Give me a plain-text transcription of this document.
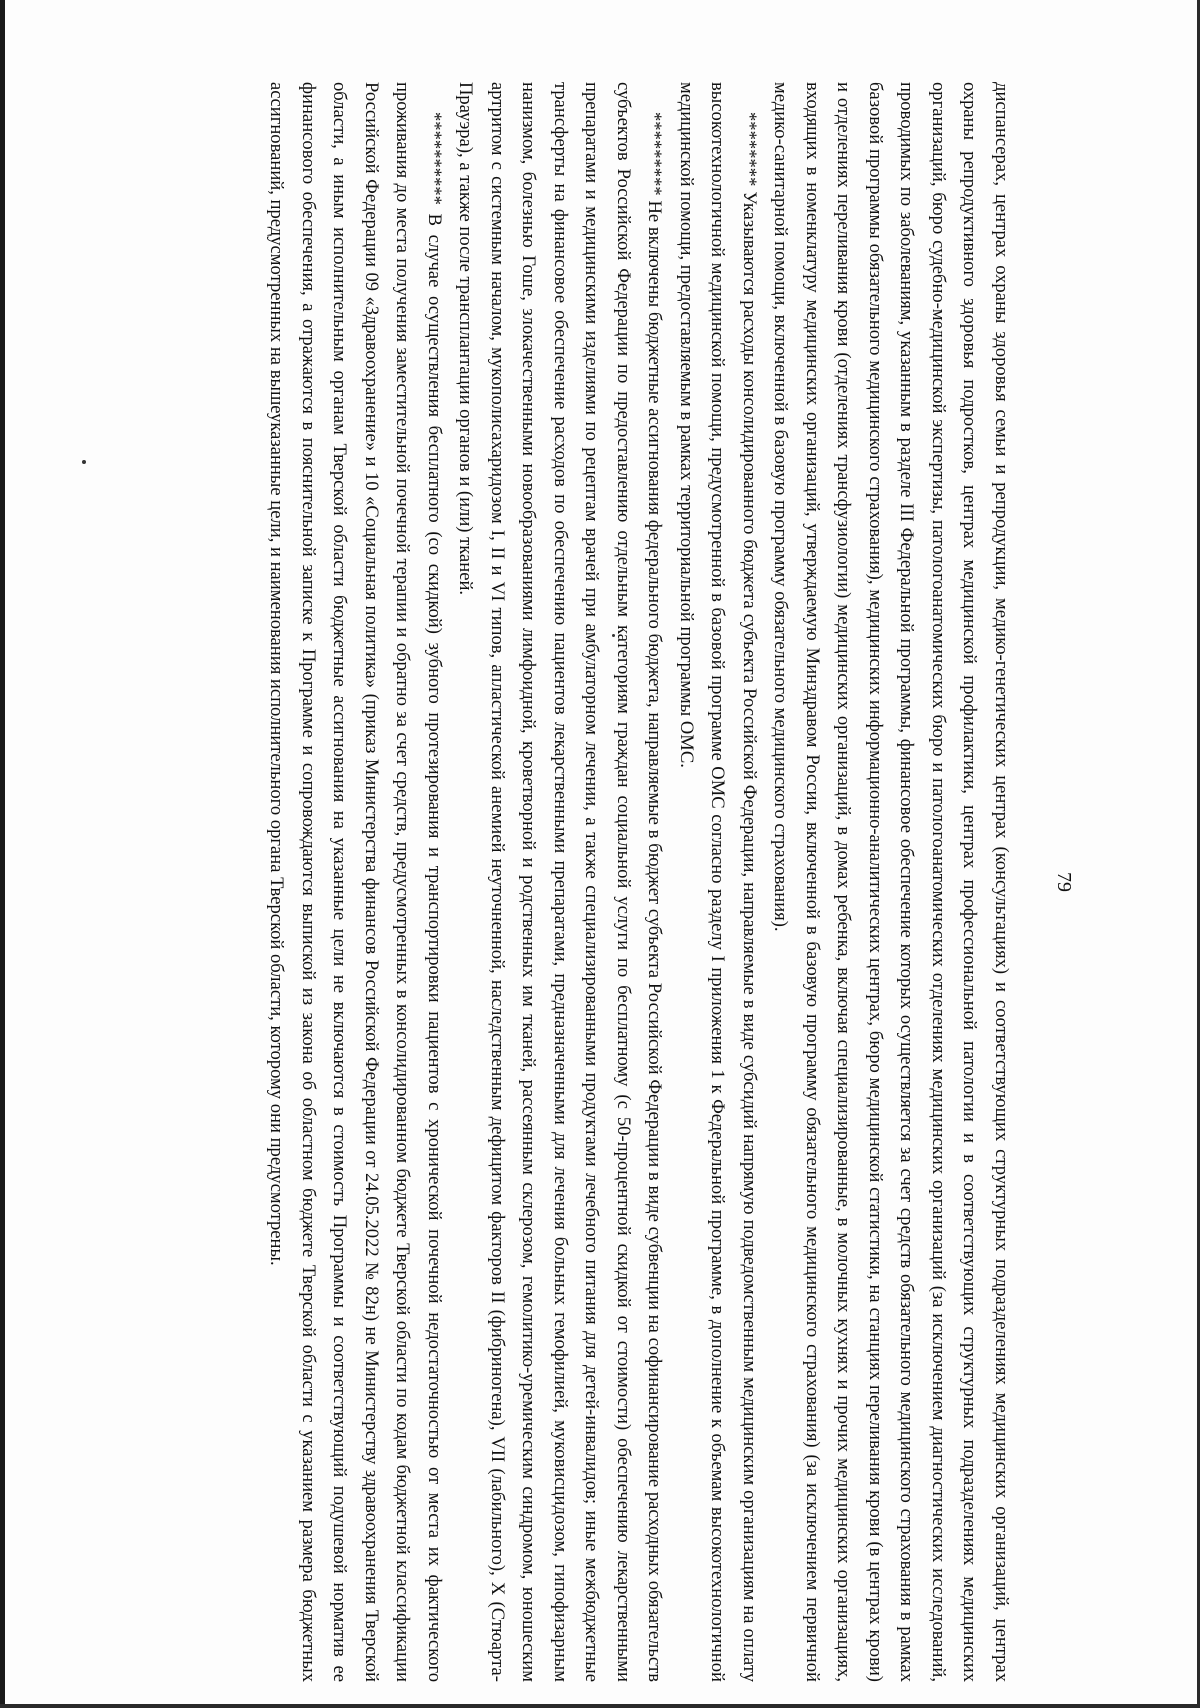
79

диспансерах, центрах охраны здоровья семьи и репродукции, медико-генетических центрах (консультациях) и соответствующих структурных подразделениях медицинских организаций, центрах охраны репродуктивного здоровья подростков, центрах медицинской профилактики, центрах профессиональной патологии и в соответствующих структурных подразделениях медицинских организаций, бюро судебно-медицинской экспертизы, патологоанатомических бюро и патологоанатомических отделениях медицинских организаций (за исключением диагностических исследований, проводимых по заболеваниям, указанным в разделе III Федеральной программы, финансовое обеспечение которых осуществляется за счет средств обязательного медицинского страхования в рамках базовой программы обязательного медицинского страхования), медицинских информационно-аналитических центрах, бюро медицинской статистики, на станциях переливания крови (в центрах крови) и отделениях переливания крови (отделениях трансфузиологии) медицинских организаций, в домах ребенка, включая специализированные, в молочных кухнях и прочих медицинских организациях, входящих в номенклатуру медицинских организаций, утверждаемую Минздравом России, включенной в базовую программу обязательного медицинского страхования) (за исключением первичной медико-санитарной помощи, включенной в базовую программу обязательного медицинского страхования).

******** Указываются расходы консолидированного бюджета субъекта Российской Федерации, направляемые в виде субсидий напрямую подведомственным медицинским организациям на оплату высокотехнологичной медицинской помощи, предусмотренной в базовой программе ОМС согласно разделу I приложения 1 к Федеральной программе, в дополнение к объемам высокотехнологичной медицинской помощи, предоставляемым в рамках территориальной программы ОМС.

********* Не включены бюджетные ассигнования федерального бюджета, направляемые в бюджет субъекта Российской Федерации в виде субвенции на софинансирование расходных обязательств субъектов Российской Федерации по предоставлению отдельным категориям граждан социальной услуги по бесплатному (с 50-процентной скидкой от стоимости) обеспечению лекарственными препаратами и медицинскими изделиями по рецептам врачей при амбулаторном лечении, а также специализированными продуктами лечебного питания для детей-инвалидов; иные межбюджетные трансферты на финансовое обеспечение расходов по обеспечению пациентов лекарственными препаратами, предназначенными для лечения больных гемофилией, муковисцидозом, гипофизарным нанизмом, болезнью Гоше, злокачественными новообразованиями лимфоидной, кроветворной и родственных им тканей, рассеянным склерозом, гемолитико-уремическим синдромом, юношеским артритом с системным началом, мукополисахаридозом I, II и VI типов, апластической анемией неуточненной, наследственным дефицитом факторов II (фибриногена), VII (лабильного), X (Стюарта-Прауэра), а также после трансплантации органов и (или) тканей.

********** В случае осуществления бесплатного (со скидкой) зубного протезирования и транспортировки пациентов с хронической почечной недостаточностью от места их фактического проживания до места получения заместительной почечной терапии и обратно за счет средств, предусмотренных в консолидированном бюджете Тверской области по кодам бюджетной классификации Российской Федерации 09 «Здравоохранение» и 10 «Социальная политика» (приказ Министерства финансов Российской Федерации от 24.05.2022 № 82н) не Министерству здравоохранения Тверской области, а иным исполнительным органам Тверской области бюджетные ассигнования на указанные цели не включаются в стоимость Программы и соответствующий подушевой норматив ее финансового обеспечения, а отражаются в пояснительной записке к Программе и сопровождаются выпиской из закона об областном бюджете Тверской области с указанием размера бюджетных ассигнований, предусмотренных на вышеуказанные цели, и наименования исполнительного органа Тверской области, которому они предусмотрены.
